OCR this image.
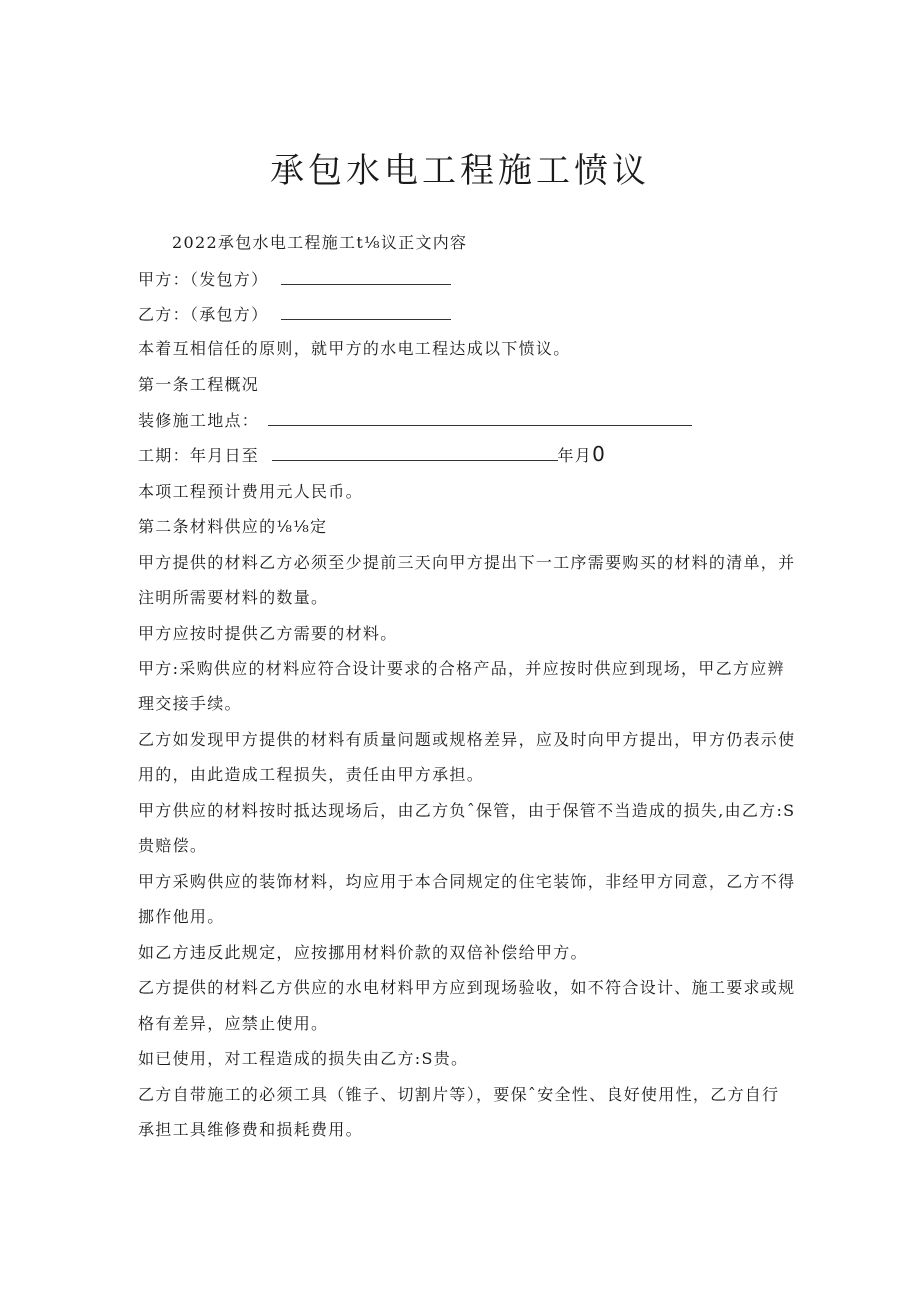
承包水电工程施工愤议
2022承包水电工程施工t⅛议正文内容
甲方：（发包方）
乙方：（承包方）
本着互相信任的原则，就甲方的水电工程达成以下愤议。
第一条工程概况
装修施工地点：
工期：年月日至	年月0
本项工程预计费用元人民币。
第二条材料供应的⅛⅛定
甲方提供的材料乙方必须至少提前三天向甲方提出下一工序需要购买的材料的清单，并
注明所需要材料的数量。
甲方应按时提供乙方需要的材料。
甲方:采购供应的材料应符合设计要求的合格产品，并应按时供应到现场，甲乙方应辨
理交接手续。
乙方如发现甲方提供的材料有质量问题或规格差异，应及时向甲方提出，甲方仍表示使
用的，由此造成工程损失，责任由甲方承担。
甲方供应的材料按时抵达现场后，由乙方负ˆ保管，由于保管不当造成的损失,由乙方:S
贵赔偿。
甲方采购供应的装饰材料，均应用于本合同规定的住宅装饰，非经甲方同意，乙方不得
挪作他用。
如乙方违反此规定，应按挪用材料价款的双倍补偿给甲方。
乙方提供的材料乙方供应的水电材料甲方应到现场验收，如不符合设计、施工要求或规
格有差异，应禁止使用。
如已使用，对工程造成的损失由乙方:S贵。
乙方自带施工的必须工具（锥子、切割片等），要保ˆ安全性、良好使用性，乙方自行
承担工具维修费和损耗费用。
